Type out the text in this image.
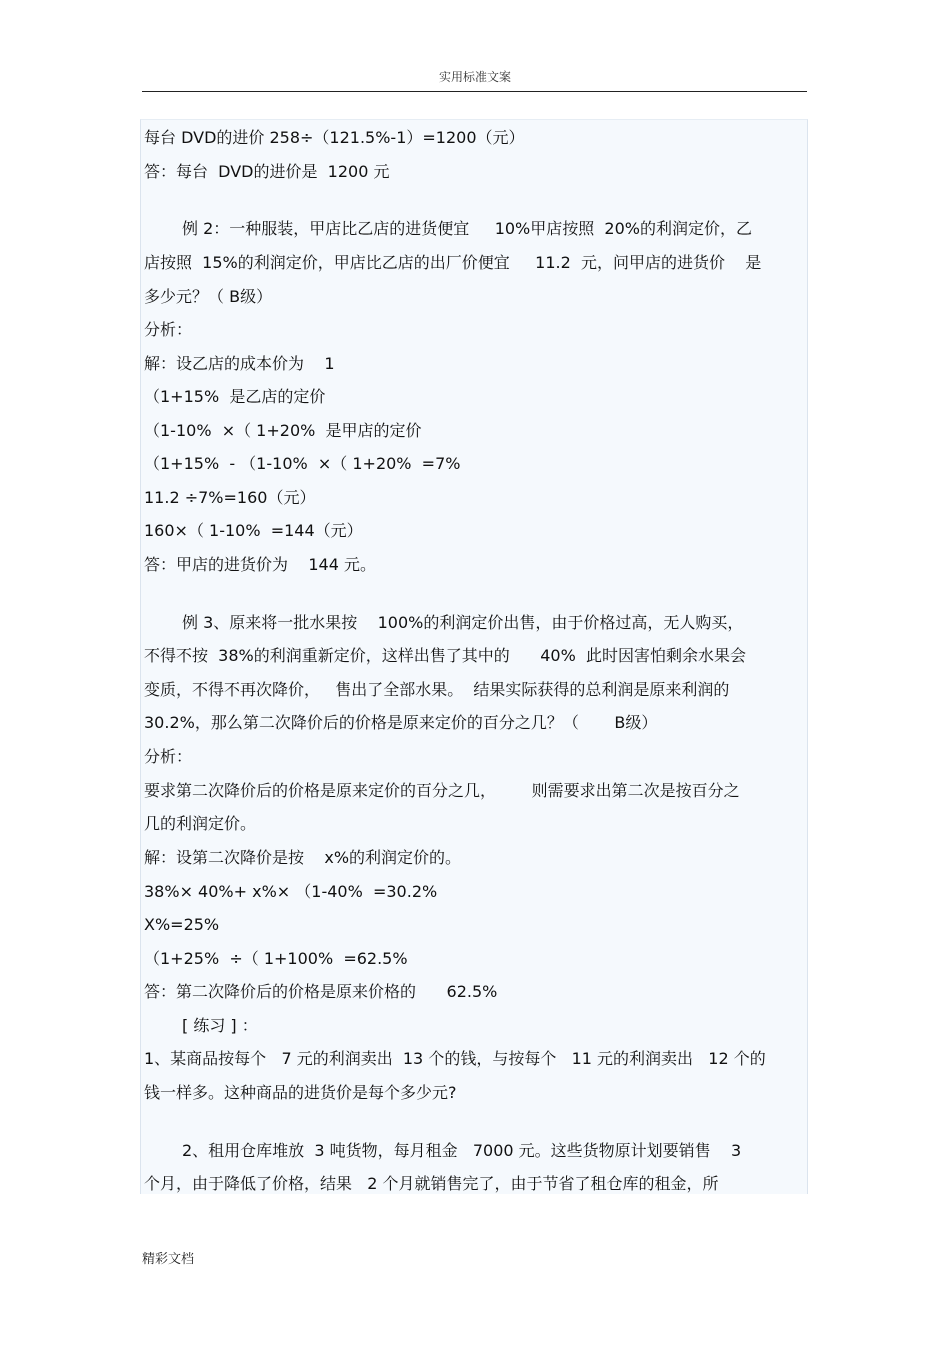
实用标准文案
每台 DVD的进价 258÷（121.5%-1）=1200（元）
答：每台  DVD的进价是  1200 元
例 2：一种服装，甲店比乙店的进货便宜     10%甲店按照  20%的利润定价，乙
店按照  15%的利润定价，甲店比乙店的出厂价便宜     11.2  元，问甲店的进货价    是
多少元？（ B级）
分析：
解：设乙店的成本价为    1
（1+15%  是乙店的定价
（1-10%  ×（ 1+20%  是甲店的定价
（1+15%  - （1-10%  ×（ 1+20%  =7%
11.2 ÷7%=160（元）
160×（ 1-10%  =144（元）
答：甲店的进货价为    144 元。
例 3、原来将一批水果按    100%的利润定价出售，由于价格过高，无人购买，
不得不按  38%的利润重新定价，这样出售了其中的      40%  此时因害怕剩余水果会
变质，不得不再次降价，   售出了全部水果。  结果实际获得的总利润是原来利润的
30.2%，那么第二次降价后的价格是原来定价的百分之几？（       B级）
分析：
要求第二次降价后的价格是原来定价的百分之几，       则需要求出第二次是按百分之
几的利润定价。
解：设第二次降价是按    x%的利润定价的。
38%× 40%+ x%× （1-40%  =30.2%
X%=25%
（1+25%  ÷（ 1+100%  =62.5%
答：第二次降价后的价格是原来价格的      62.5%
[ 练习 ] ：
1、某商品按每个   7 元的利润卖出  13 个的钱，与按每个   11 元的利润卖出   12 个的
钱一样多。这种商品的进货价是每个多少元?
2、租用仓库堆放  3 吨货物，每月租金   7000 元。这些货物原计划要销售    3
个月，由于降低了价格，结果   2 个月就销售完了，由于节省了租仓库的租金，所
精彩文档
